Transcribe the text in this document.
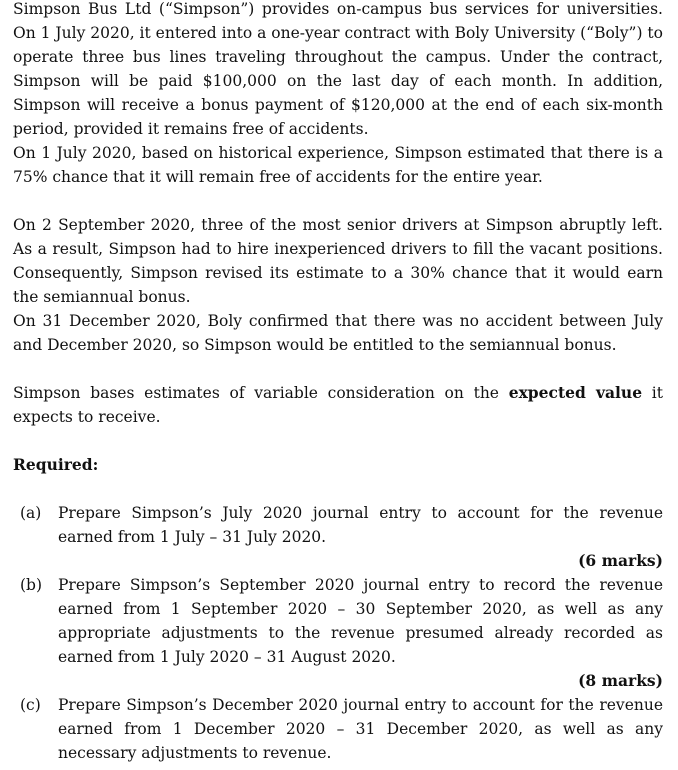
Simpson Bus Ltd (“Simpson”) provides on-campus bus services for universities. On 1 July 2020, it entered into a one-year contract with Boly University (“Boly”) to operate three bus lines traveling throughout the campus. Under the contract, Simpson will be paid $100,000 on the last day of each month. In addition, Simpson will receive a bonus payment of $120,000 at the end of each six-month period, provided it remains free of accidents.

On 1 July 2020, based on historical experience, Simpson estimated that there is a 75% chance that it will remain free of accidents for the entire year.

On 2 September 2020, three of the most senior drivers at Simpson abruptly left. As a result, Simpson had to hire inexperienced drivers to fill the vacant positions. Consequently, Simpson revised its estimate to a 30% chance that it would earn the semiannual bonus.

On 31 December 2020, Boly confirmed that there was no accident between July and December 2020, so Simpson would be entitled to the semiannual bonus.

Simpson bases estimates of variable consideration on the expected value it expects to receive.

Required:
(a) Prepare Simpson’s July 2020 journal entry to account for the revenue earned from 1 July – 31 July 2020.

(6 marks)
(b) Prepare Simpson’s September 2020 journal entry to record the revenue earned from 1 September 2020 – 30 September 2020, as well as any appropriate adjustments to the revenue presumed already recorded as earned from 1 July 2020 – 31 August 2020.

(8 marks)
(c) Prepare Simpson’s December 2020 journal entry to account for the revenue earned from 1 December 2020 – 31 December 2020, as well as any necessary adjustments to revenue.
